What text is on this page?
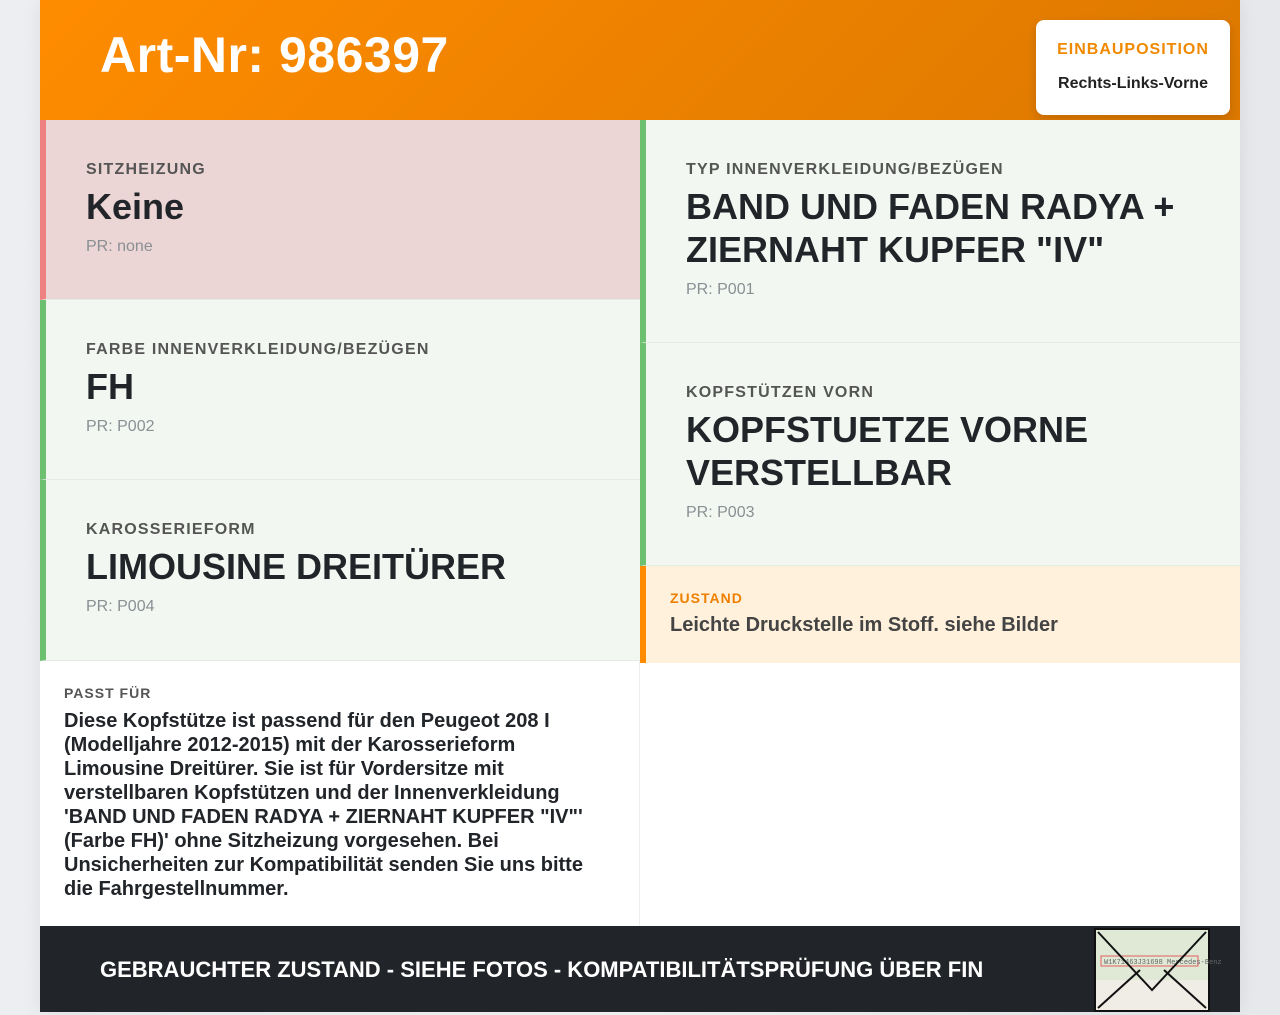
Art-Nr: 986397	EINBAUPOSITION
Rechts-Links-Vorne
SITZHEIZUNG
Keine
PR: none
FARBE INNENVERKLEIDUNG/BEZÜGEN
FH
PR: P002
KAROSSERIEFORM
LIMOUSINE DREITÜRER
PR: P004
TYP INNENVERKLEIDUNG/BEZÜGEN
BAND UND FADEN RADYA + ZIERNAHT KUPFER "IV"
PR: P001
KOPFSTÜTZEN VORN
KOPFSTUETZE VORNE VERSTELLBAR
PR: P003
ZUSTAND
Leichte Druckstelle im Stoff. siehe Bilder
PASST FÜR
Diese Kopfstütze ist passend für den Peugeot 208 I (Modelljahre 2012-2015) mit der Karosserieform Limousine Dreitürer. Sie ist für Vordersitze mit verstellbaren Kopfstützen und der Innenverkleidung 'BAND UND FADEN RADYA + ZIERNAHT KUPFER "IV"' (Farbe FH)' ohne Sitzheizung vorgesehen. Bei Unsicherheiten zur Kompatibilität senden Sie uns bitte die Fahrgestellnummer.
GEBRAUCHTER ZUSTAND - SIEHE FOTOS - KOMPATIBILITÄTSPRÜFUNG ÜBER FIN	W1K71463J31698 Mercedes-Benz
